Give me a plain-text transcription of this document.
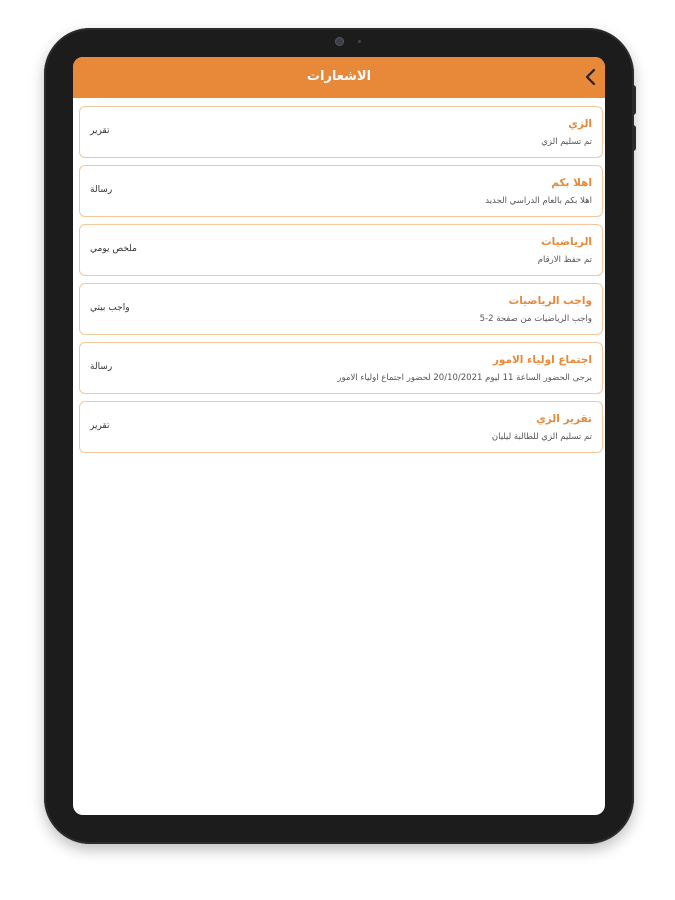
الاشعارات
الزي
تم تسليم الزي
تقرير
اهلا بكم
اهلا بكم بالعام الدراسي الجديد
رسالة
الرياضيات
تم حفظ الارقام
ملخص يومي
واجب الرياضيات
واجب الرياضيات من صفحة 2-5
واجب بيتي
اجتماع اولياء الامور
يرجى الحضور الساعة 11 ليوم 20/10/2021 لحضور اجتماع اولياء الامور
رسالة
تقرير الزي
تم تسليم الزي للطالبة ليليان
تقرير
